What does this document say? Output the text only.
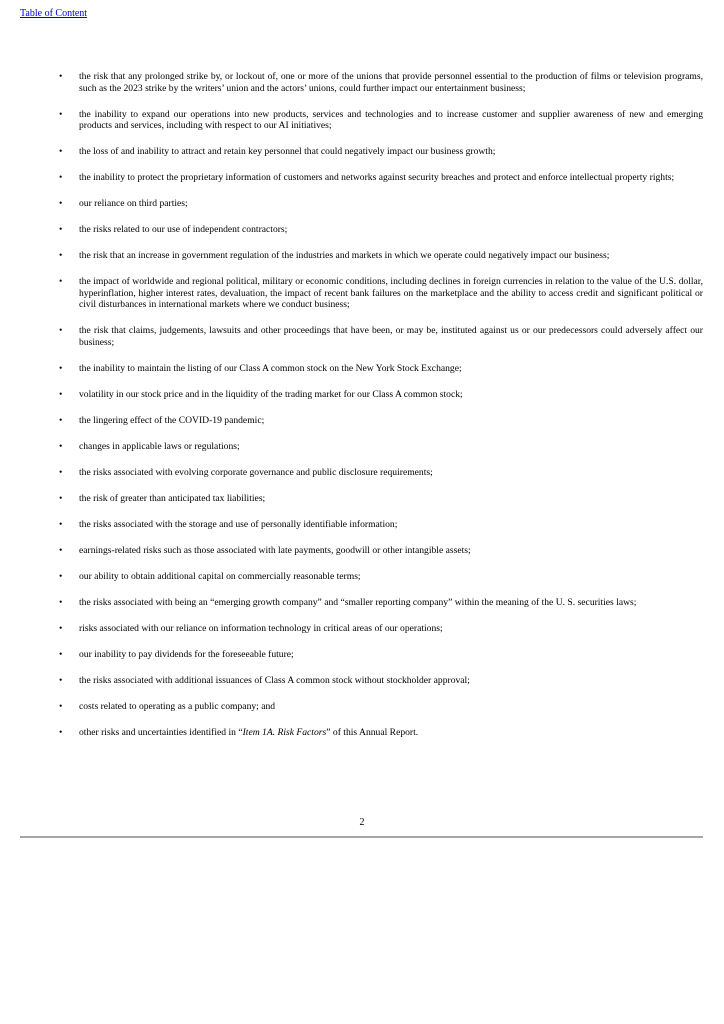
Table of Content
• the risk that any prolonged strike by, or lockout of, one or more of the unions that provide personnel essential to the production of films or television programs, such as the 2023 strike by the writers’ union and the actors’ unions, could further impact our entertainment business;
• the inability to expand our operations into new products, services and technologies and to increase customer and supplier awareness of new and emerging products and services, including with respect to our AI initiatives;
• the loss of and inability to attract and retain key personnel that could negatively impact our business growth;
• the inability to protect the proprietary information of customers and networks against security breaches and protect and enforce intellectual property rights;
• our reliance on third parties;
• the risks related to our use of independent contractors;
• the risk that an increase in government regulation of the industries and markets in which we operate could negatively impact our business;
• the impact of worldwide and regional political, military or economic conditions, including declines in foreign currencies in relation to the value of the U.S. dollar, hyperinflation, higher interest rates, devaluation, the impact of recent bank failures on the marketplace and the ability to access credit and significant political or civil disturbances in international markets where we conduct business;
• the risk that claims, judgements, lawsuits and other proceedings that have been, or may be, instituted against us or our predecessors could adversely affect our business;
• the inability to maintain the listing of our Class A common stock on the New York Stock Exchange;
• volatility in our stock price and in the liquidity of the trading market for our Class A common stock;
• the lingering effect of the COVID-19 pandemic;
• changes in applicable laws or regulations;
• the risks associated with evolving corporate governance and public disclosure requirements;
• the risk of greater than anticipated tax liabilities;
• the risks associated with the storage and use of personally identifiable information;
• earnings-related risks such as those associated with late payments, goodwill or other intangible assets;
• our ability to obtain additional capital on commercially reasonable terms;
• the risks associated with being an “emerging growth company” and “smaller reporting company” within the meaning of the U. S. securities laws;
• risks associated with our reliance on information technology in critical areas of our operations;
• our inability to pay dividends for the foreseeable future;
• the risks associated with additional issuances of Class A common stock without stockholder approval;
• costs related to operating as a public company; and
• other risks and uncertainties identified in “Item 1A. Risk Factors” of this Annual Report.
2
